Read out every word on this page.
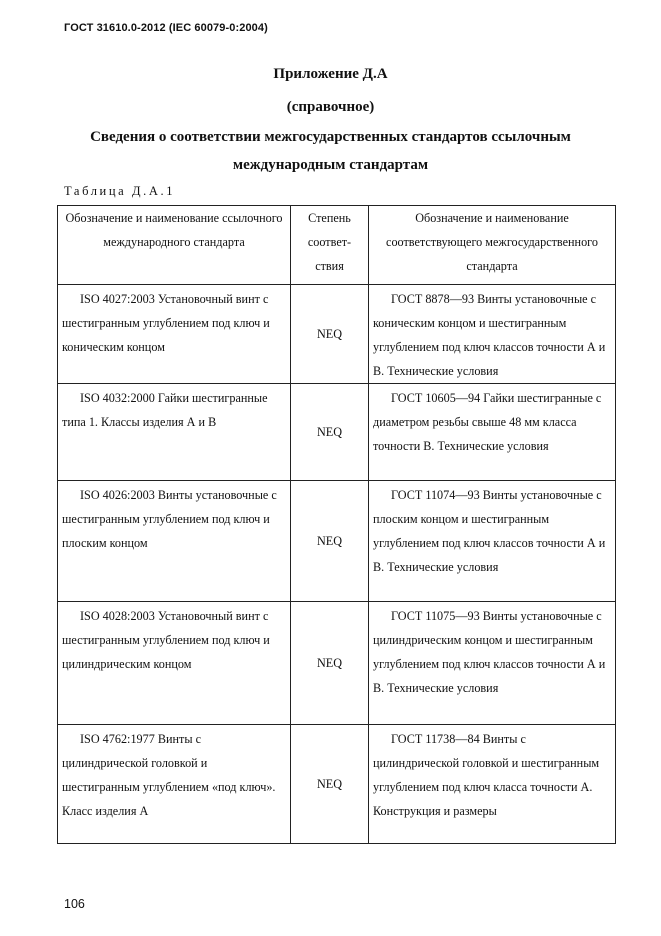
ГОСТ 31610.0-2012 (IEC 60079-0:2004)
Приложение Д.А
(справочное)
Сведения о соответствии межгосударственных стандартов ссылочным
международным стандартам
Таблица Д.А.1
Обозначение и наименование ссылочного международного стандарта	Степень соответ-ствия	Обозначение и наименование соответствующего межгосударственного стандарта

ISO 4027:2003 Установочный винт с шестигранным углублением под ключ и коническим концом	NEQ	ГОСТ 8878—93 Винты установочные с коническим концом и шестигранным углублением под ключ классов точности А и В. Технические условия

ISO 4032:2000 Гайки шестигранные типа 1. Классы изделия А и В	NEQ	ГОСТ 10605—94 Гайки шестигранные с диаметром резьбы свыше 48 мм класса точности В. Технические условия

ISO 4026:2003 Винты установочные с шестигранным углублением под ключ и плоским концом	NEQ	ГОСТ 11074—93 Винты установочные с плоским концом и шестигранным углублением под ключ классов точности А и В. Технические условия

ISO 4028:2003 Установочный винт с шестигранным углублением под ключ и цилиндрическим концом	NEQ	ГОСТ 11075—93 Винты установочные с цилиндрическим концом и шестигранным углублением под ключ классов точности А и В. Технические условия

ISO 4762:1977 Винты с цилиндрической головкой и шестигранным углублением «под ключ». Класс изделия А	NEQ	ГОСТ 11738—84 Винты с цилиндрической головкой и шестигранным углублением под ключ класса точности А. Конструкция и размеры
106
